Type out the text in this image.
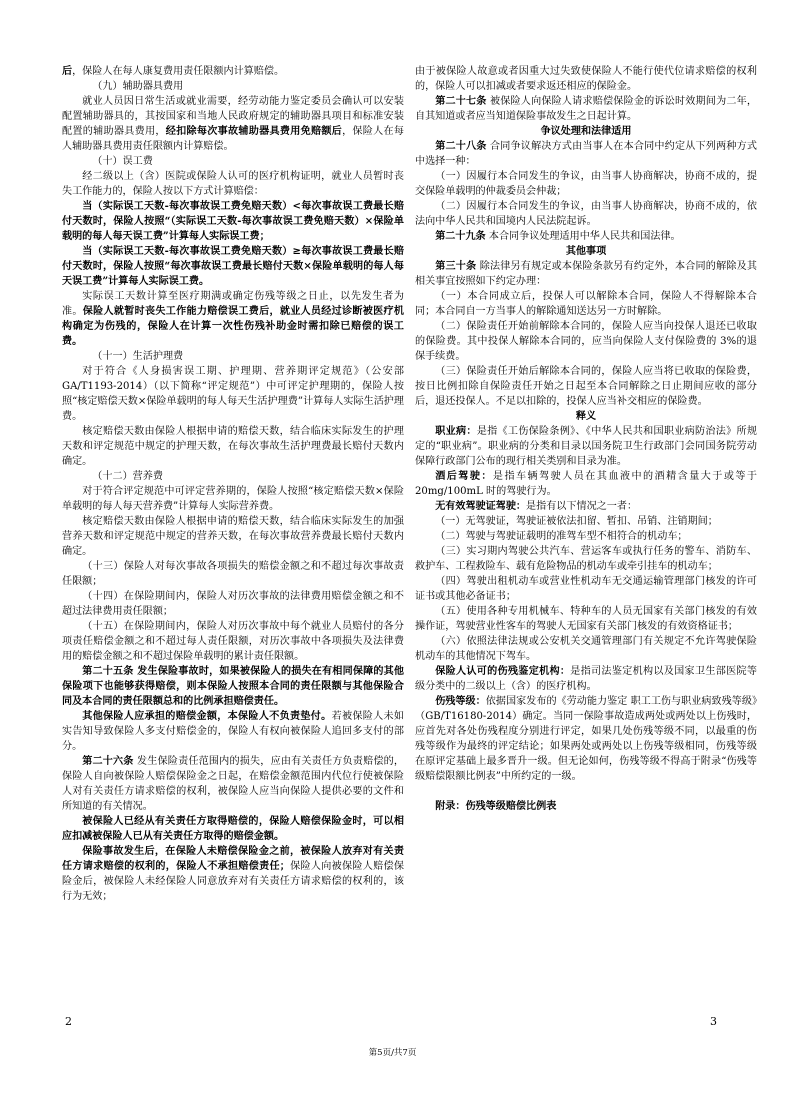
后，保险人在每人康复费用责任限额内计算赔偿。

（九）辅助器具费用

就业人员因日常生活或就业需要，经劳动能力鉴定委员会确认可以安装配置辅助器具的，其按国家和当地人民政府规定的辅助器具项目和标准安装配置的辅助器具费用，经扣除每次事故辅助器具费用免赔额后，保险人在每人辅助器具费用责任限额内计算赔偿。

（十）误工费

经二级以上（含）医院或保险人认可的医疗机构证明，就业人员暂时丧失工作能力的，保险人按以下方式计算赔偿：

当（实际误工天数-每次事故误工费免赔天数）<每次事故误工费最长赔付天数时，保险人按照“（实际误工天数-每次事故误工费免赔天数）×保险单载明的每人每天误工费”计算每人实际误工费；

当（实际误工天数-每次事故误工费免赔天数）≥每次事故误工费最长赔付天数时，保险人按照“每次事故误工费最长赔付天数×保险单载明的每人每天误工费”计算每人实际误工费。

实际误工天数计算至医疗期满或确定伤残等级之日止，以先发生者为准。保险人就暂时丧失工作能力赔偿误工费后，就业人员经过诊断被医疗机构确定为伤残的，保险人在计算一次性伤残补助金时需扣除已赔偿的误工费。

（十一）生活护理费

对于符合《人身损害误工期、护理期、营养期评定规范》（公安部GA/T1193-2014）（以下简称“评定规范”）中可评定护理期的，保险人按照“核定赔偿天数×保险单载明的每人每天生活护理费”计算每人实际生活护理费。

核定赔偿天数由保险人根据申请的赔偿天数，结合临床实际发生的护理天数和评定规范中规定的护理天数，在每次事故生活护理费最长赔付天数内确定。

（十二）营养费

对于符合评定规范中可评定营养期的，保险人按照“核定赔偿天数×保险单载明的每人每天营养费”计算每人实际营养费。

核定赔偿天数由保险人根据申请的赔偿天数，结合临床实际发生的加强营养天数和评定规范中规定的营养天数，在每次事故营养费最长赔付天数内确定。

（十三）保险人对每次事故各项损失的赔偿金额之和不超过每次事故责任限额；

（十四）在保险期间内，保险人对历次事故的法律费用赔偿金额之和不超过法律费用责任限额；

（十五）在保险期间内，保险人对历次事故中每个就业人员赔付的各分项责任赔偿金额之和不超过每人责任限额，对历次事故中各项损失及法律费用的赔偿金额之和不超过保险单载明的累计责任限额。

第二十五条 发生保险事故时，如果被保险人的损失在有相同保障的其他保险项下也能够获得赔偿，则本保险人按照本合同的责任限额与其他保险合同及本合同的责任限额总和的比例承担赔偿责任。

其他保险人应承担的赔偿金额，本保险人不负责垫付。若被保险人未如实告知导致保险人多支付赔偿金的，保险人有权向被保险人追回多支付的部分。

第二十六条 发生保险责任范围内的损失，应由有关责任方负责赔偿的，保险人自向被保险人赔偿保险金之日起，在赔偿金额范围内代位行使被保险人对有关责任方请求赔偿的权利，被保险人应当向保险人提供必要的文件和所知道的有关情况。

被保险人已经从有关责任方取得赔偿的，保险人赔偿保险金时，可以相应扣减被保险人已从有关责任方取得的赔偿金额。

保险事故发生后，在保险人未赔偿保险金之前，被保险人放弃对有关责任方请求赔偿的权利的，保险人不承担赔偿责任；保险人向被保险人赔偿保险金后，被保险人未经保险人同意放弃对有关责任方请求赔偿的权利的，该行为无效；

由于被保险人故意或者因重大过失致使保险人不能行使代位请求赔偿的权利的，保险人可以扣减或者要求返还相应的保险金。

第二十七条 被保险人向保险人请求赔偿保险金的诉讼时效期间为二年，自其知道或者应当知道保险事故发生之日起计算。

争议处理和法律适用

第二十八条 合同争议解决方式由当事人在本合同中约定从下列两种方式中选择一种：

（一）因履行本合同发生的争议，由当事人协商解决，协商不成的，提交保险单载明的仲裁委员会仲裁；

（二）因履行本合同发生的争议，由当事人协商解决，协商不成的，依法向中华人民共和国境内人民法院起诉。

第二十九条 本合同争议处理适用中华人民共和国法律。

其他事项

第三十条 除法律另有规定或本保险条款另有约定外，本合同的解除及其相关事宜按照如下约定办理：

（一）本合同成立后，投保人可以解除本合同，保险人不得解除本合同；本合同自一方当事人的解除通知送达另一方时解除。

（二）保险责任开始前解除本合同的，保险人应当向投保人退还已收取的保险费。其中投保人解除本合同的，应当向保险人支付保险费的 3%的退保手续费。

（三）保险责任开始后解除本合同的，保险人应当将已收取的保险费，按日比例扣除自保险责任开始之日起至本合同解除之日止期间应收的部分后，退还投保人。不足以扣除的，投保人应当补交相应的保险费。

释义

职业病：是指《工伤保险条例》、《中华人民共和国职业病防治法》所规定的“职业病”。职业病的分类和目录以国务院卫生行政部门会同国务院劳动保障行政部门公布的现行相关类别和目录为准。

酒后驾驶：是指车辆驾驶人员在其血液中的酒精含量大于或等于 20mg/100mL 时的驾驶行为。

无有效驾驶证驾驶：是指有以下情况之一者：

（一）无驾驶证，驾驶证被依法扣留、暂扣、吊销、注销期间；

（二）驾驶与驾驶证载明的准驾车型不相符合的机动车；

（三）实习期内驾驶公共汽车、营运客车或执行任务的警车、消防车、救护车、工程救险车、载有危险物品的机动车或牵引挂车的机动车；

（四）驾驶出租机动车或营业性机动车无交通运输管理部门核发的许可证书或其他必备证书；

（五）使用各种专用机械车、特种车的人员无国家有关部门核发的有效操作证，驾驶营业性客车的驾驶人无国家有关部门核发的有效资格证书；

（六）依照法律法规或公安机关交通管理部门有关规定不允许驾驶保险机动车的其他情况下驾车。

保险人认可的伤残鉴定机构：是指司法鉴定机构以及国家卫生部医院等级分类中的二级以上（含）的医疗机构。

伤残等级：依据国家发布的《劳动能力鉴定 职工工伤与职业病致残等级》（GB/T16180-2014）确定。当同一保险事故造成两处或两处以上伤残时，应首先对各处伤残程度分别进行评定，如果几处伤残等级不同，以最重的伤残等级作为最终的评定结论；如果两处或两处以上伤残等级相同，伤残等级在原评定基础上最多晋升一级。但无论如何，伤残等级不得高于附录“伤残等级赔偿限额比例表”中所约定的一级。

附录：伤残等级赔偿比例表

2	3
第5页/共7页
